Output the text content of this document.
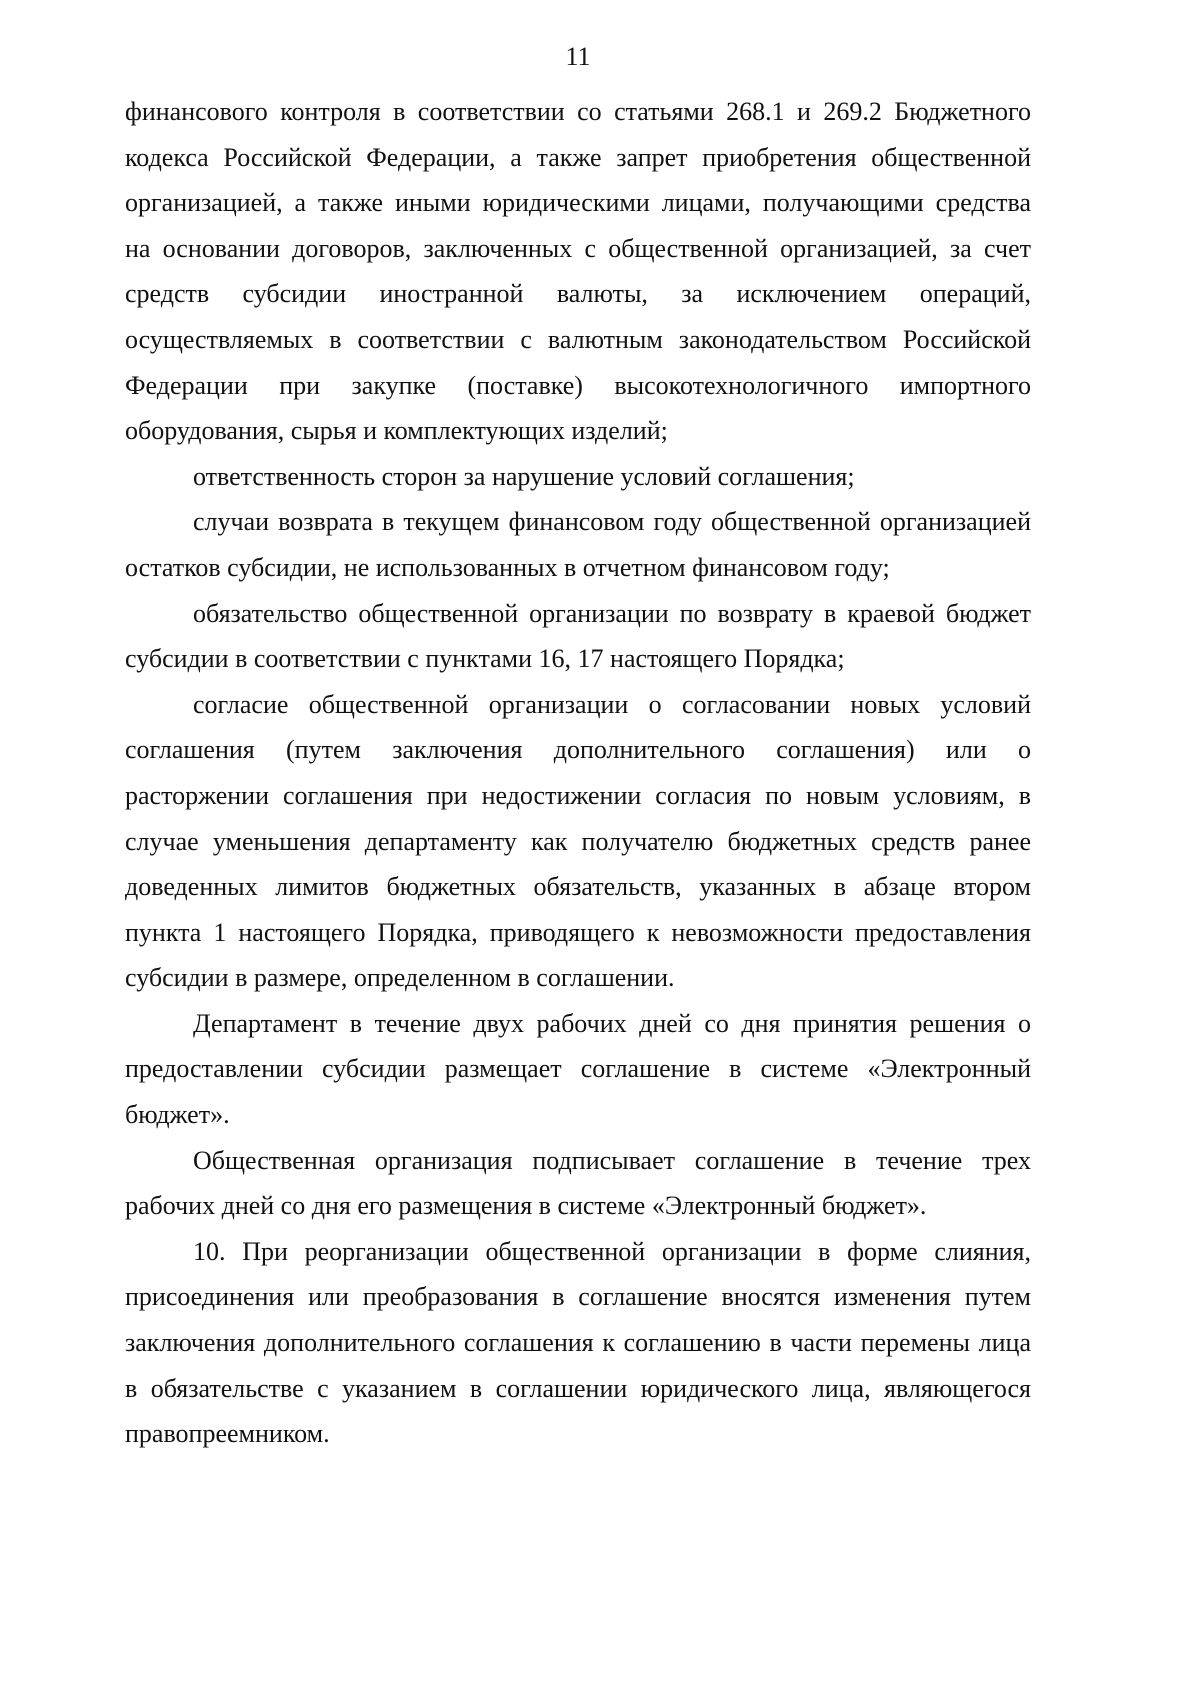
11
финансового контроля в соответствии со статьями 268.1 и 269.2 Бюджетного
кодекса Российской Федерации, а также запрет приобретения общественной
организацией, а также иными юридическими лицами, получающими средства
на основании договоров, заключенных с общественной организацией, за счет
средств субсидии иностранной валюты, за исключением операций,
осуществляемых в соответствии с валютным законодательством Российской
Федерации при закупке (поставке) высокотехнологичного импортного
оборудования, сырья и комплектующих изделий;
ответственность сторон за нарушение условий соглашения;
случаи возврата в текущем финансовом году общественной организацией
остатков субсидии, не использованных в отчетном финансовом году;
обязательство общественной организации по возврату в краевой бюджет
субсидии в соответствии с пунктами 16, 17 настоящего Порядка;
согласие общественной организации о согласовании новых условий
соглашения (путем заключения дополнительного соглашения) или о
расторжении соглашения при недостижении согласия по новым условиям, в
случае уменьшения департаменту как получателю бюджетных средств ранее
доведенных лимитов бюджетных обязательств, указанных в абзаце втором
пункта 1 настоящего Порядка, приводящего к невозможности предоставления
субсидии в размере, определенном в соглашении.
Департамент в течение двух рабочих дней со дня принятия решения о
предоставлении субсидии размещает соглашение в системе «Электронный
бюджет».
Общественная организация подписывает соглашение в течение трех
рабочих дней со дня его размещения в системе «Электронный бюджет».
10. При реорганизации общественной организации в форме слияния,
присоединения или преобразования в соглашение вносятся изменения путем
заключения дополнительного соглашения к соглашению в части перемены лица
в обязательстве с указанием в соглашении юридического лица, являющегося
правопреемником.
